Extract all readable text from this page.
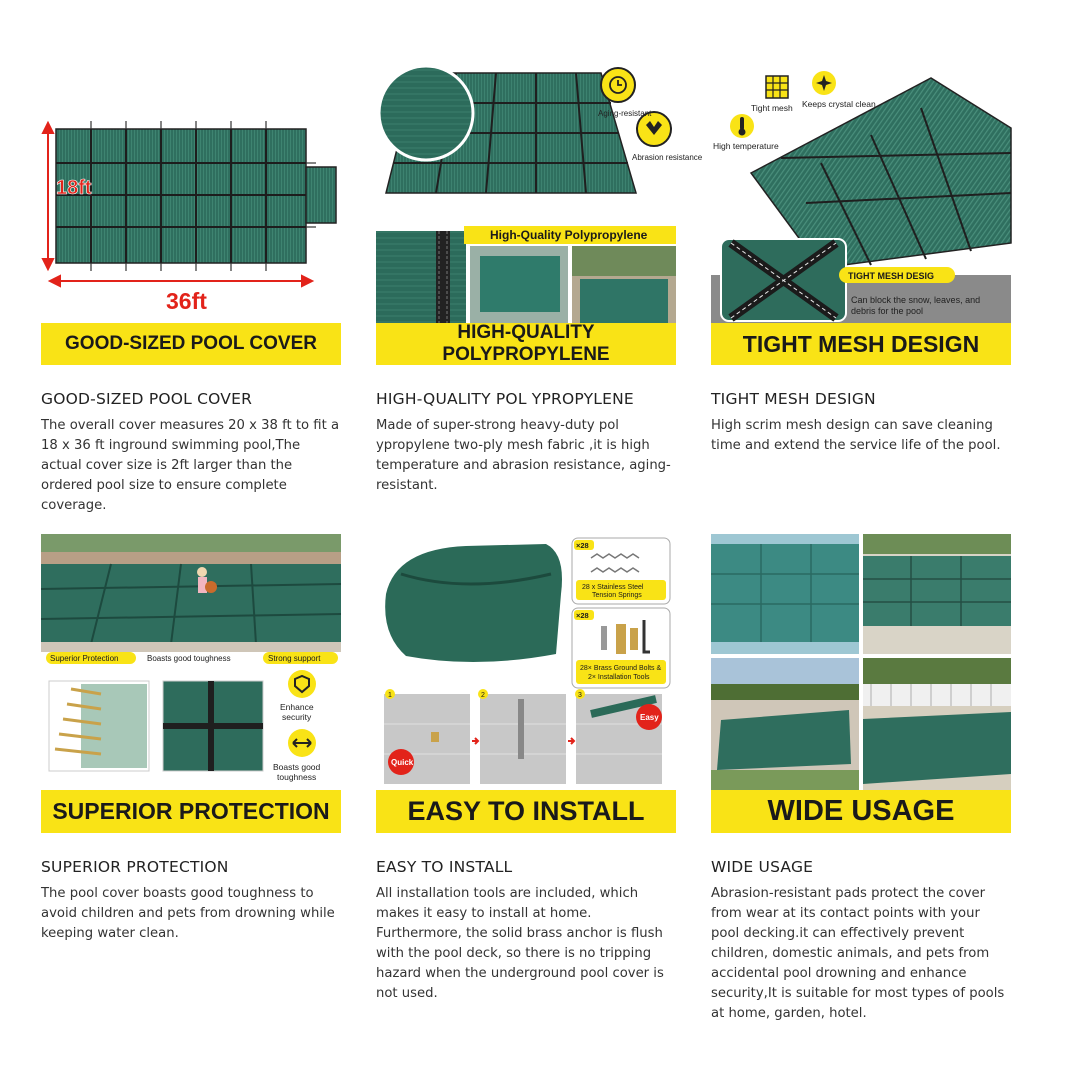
18ft
36ft
GOOD-SIZED POOL COVER
GOOD-SIZED POOL COVER
The overall cover measures 20 x 38 ft to fit a 18 x 36 ft inground swimming pool,The actual cover size is 2ft larger than the ordered pool size to ensure complete coverage.
Aging-resistant
Abrasion resistance
High-Quality Polypropylene
HIGH-QUALITY POLYPROPYLENE
HIGH-QUALITY POL YPROPYLENE
Made of super-strong heavy-duty pol ypropylene two-ply mesh fabric ,it is high temperature and abrasion resistance, aging-resistant.
TIGHT MESH DESIG
Can block the snow, leaves, and
debris for the pool
Tight mesh Keeps crystal clean
High temperature
TIGHT MESH DESIGN
TIGHT MESH DESIGN
High scrim mesh design can save cleaning time and extend the service life of the pool.
Superior Protection	Boasts good toughness	Strong support
Enhance
security
Boasts good
toughness
SUPERIOR PROTECTION
SUPERIOR PROTECTION
The pool cover boasts good toughness to avoid children and pets from drowning while keeping water clean.
×28
28 x Stainless Steel
Tension Springs
×28
28× Brass Ground Bolts &
2× Installation Tools
1	2	3
Quick
Easy
EASY TO INSTALL
EASY TO INSTALL
All installation tools are included, which makes it easy to install at home. Furthermore, the solid brass anchor is flush with the pool deck, so there is no tripping hazard when the underground pool cover is not used.
WIDE USAGE
WIDE USAGE
Abrasion-resistant pads protect the cover from wear at its contact points with your pool decking.it can effectively prevent children, domestic animals, and pets from accidental pool drowning and enhance security,It is suitable for most types of pools at home, garden, hotel.
